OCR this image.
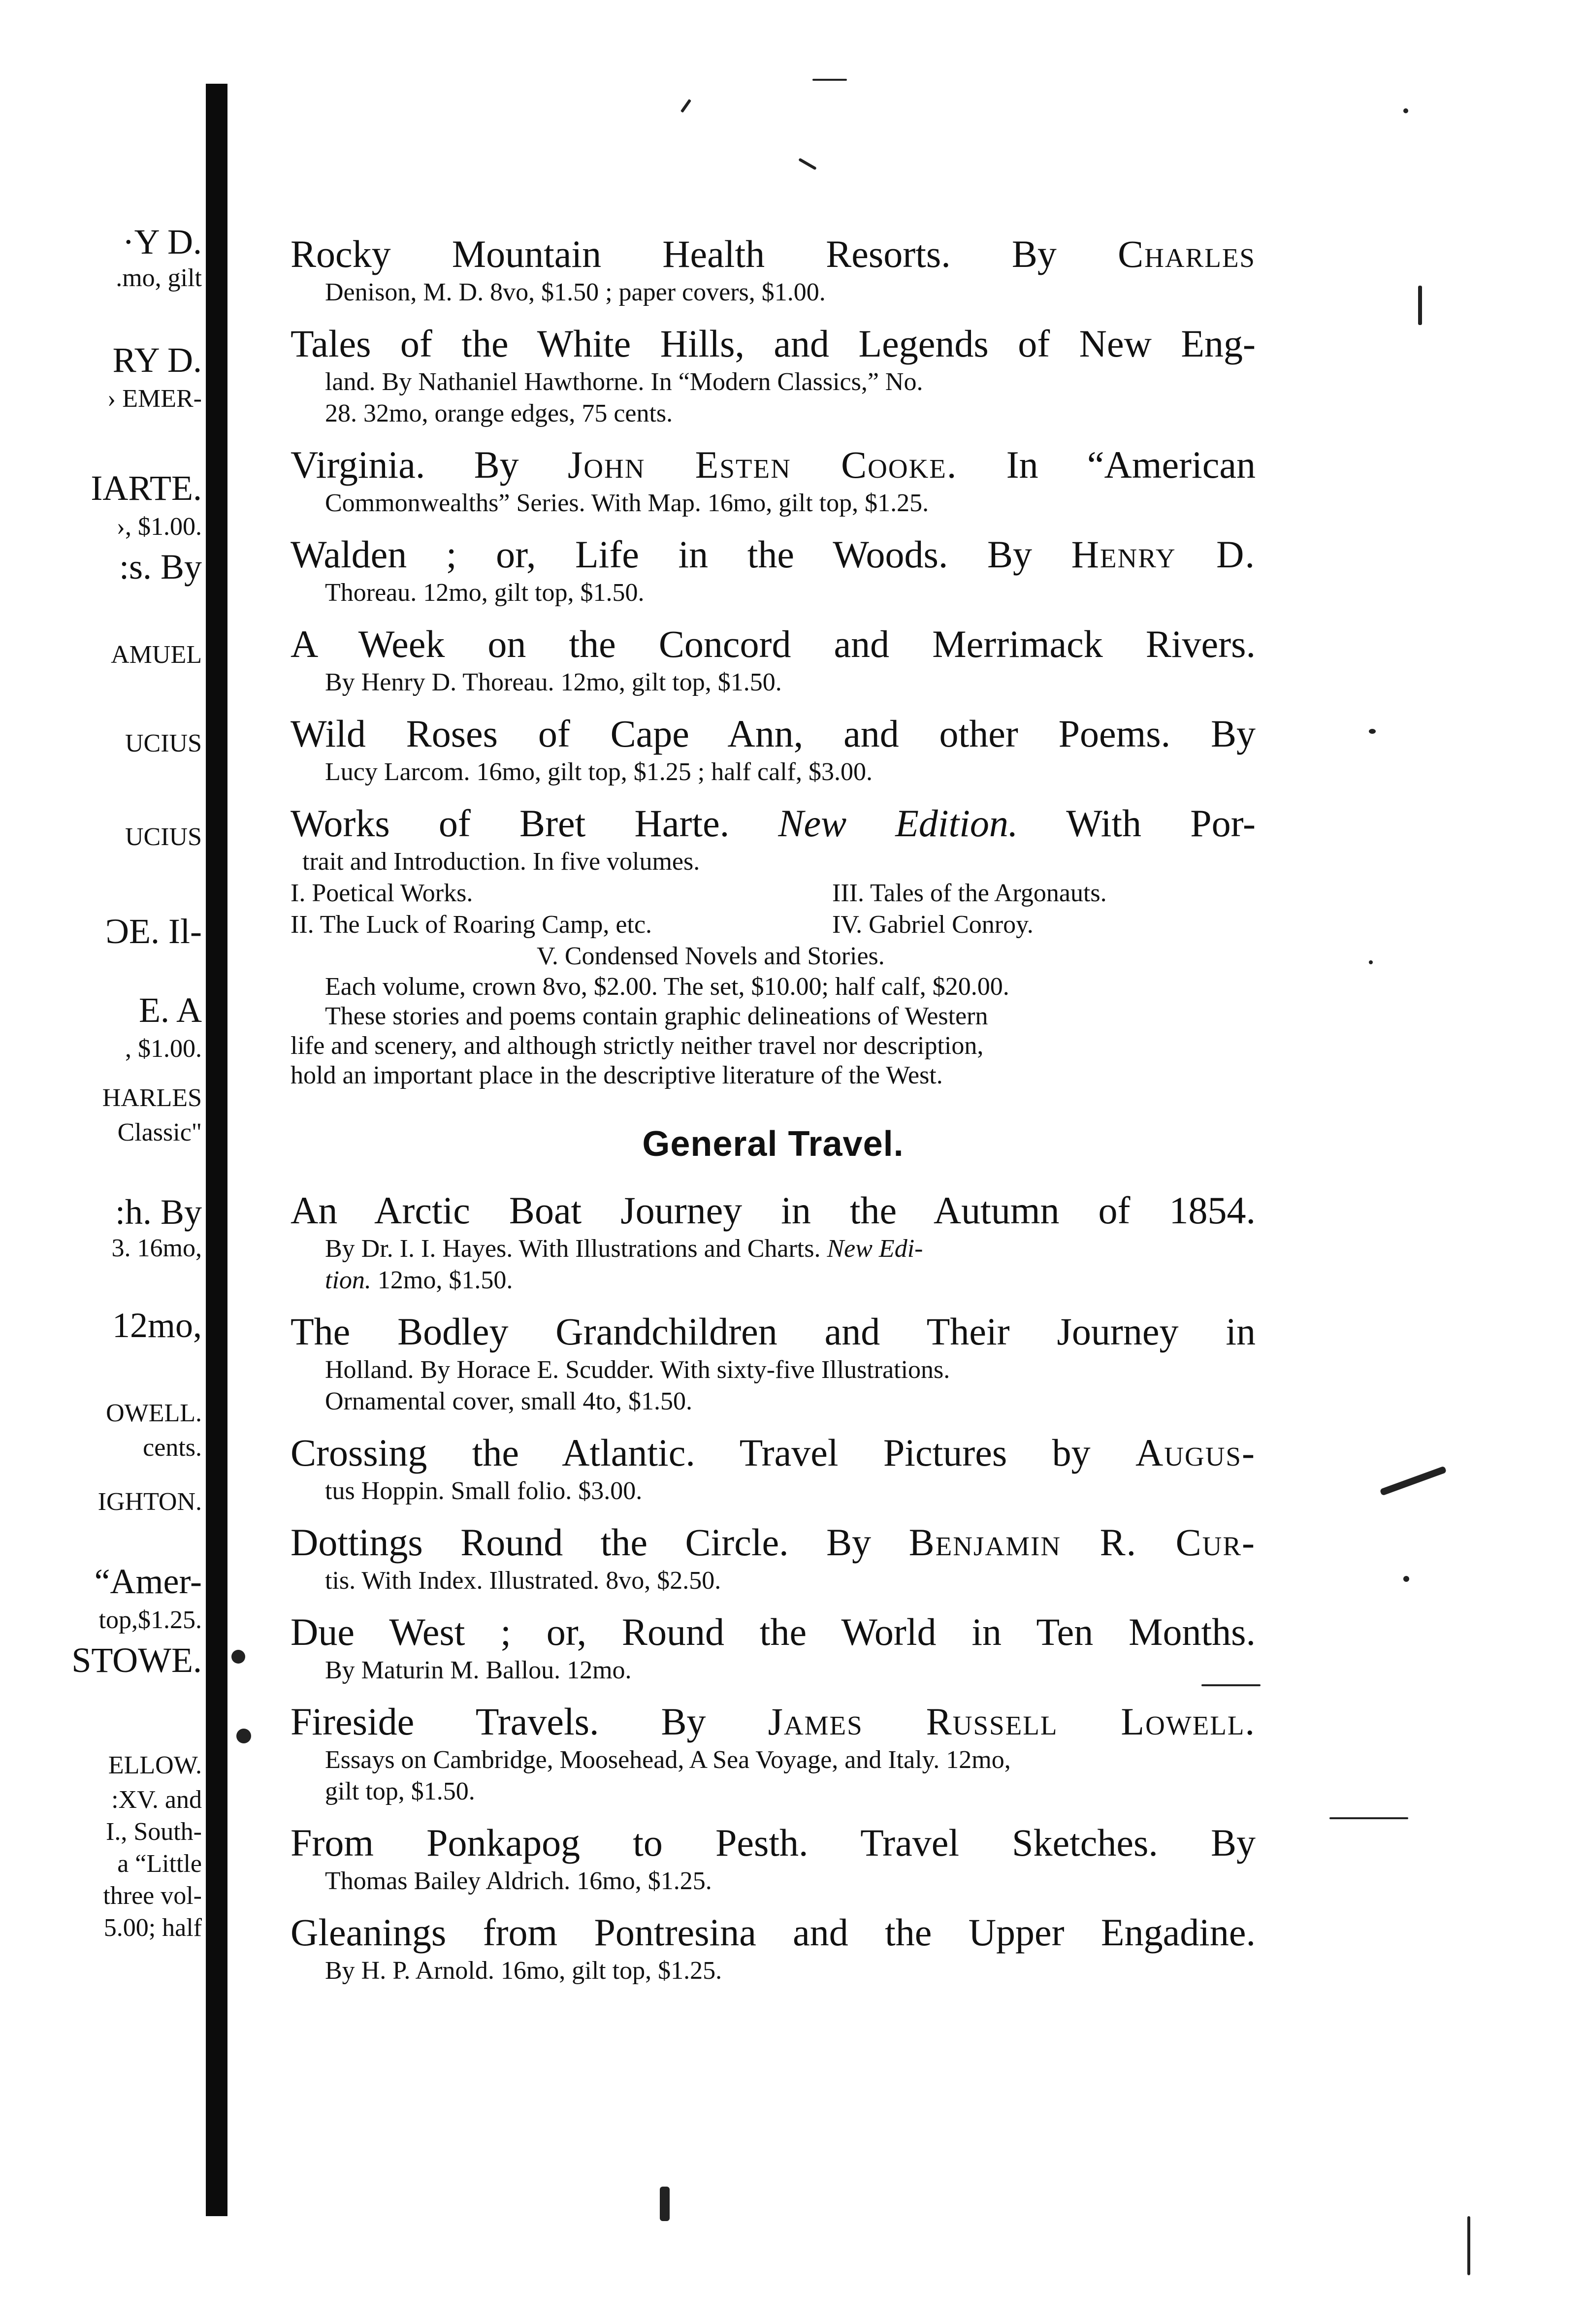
·Y D.
.mo, gilt
RY D.
› EMER-
IARTE.
›, $1.00.
:s. By
AMUEL
UCIUS
UCIUS
ƆE. Il-
E. A
, $1.00.
HARLES
Classic"
:h. By
3. 16mo,
12mo,
OWELL.
cents.
IGHTON.
“Amer-
top,$1.25.
STOWE.
ELLOW.
:XV. and
I., South-
a “Little
three vol-
5.00; half
Rocky Mountain Health Resorts. By Charles
Denison, M. D. 8vo, $1.50 ; paper covers, $1.00.
Tales of the White Hills, and Legends of New Eng-
land. By Nathaniel Hawthorne. In “Modern Classics,” No.
28. 32mo, orange edges, 75 cents.
Virginia. By John Esten Cooke. In “American
Commonwealths” Series. With Map. 16mo, gilt top, $1.25.
Walden ; or, Life in the Woods. By Henry D.
Thoreau. 12mo, gilt top, $1.50.
A Week on the Concord and Merrimack Rivers.
By Henry D. Thoreau. 12mo, gilt top, $1.50.
Wild Roses of Cape Ann, and other Poems. By
Lucy Larcom. 16mo, gilt top, $1.25 ; half calf, $3.00.
Works of Bret Harte. New Edition. With Por-
trait and Introduction. In five volumes.
I. Poetical Works.	III. Tales of the Argonauts.
II. The Luck of Roaring Camp, etc.	IV. Gabriel Conroy.
V. Condensed Novels and Stories.
Each volume, crown 8vo, $2.00. The set, $10.00; half calf, $20.00.
These stories and poems contain graphic delineations of Western
life and scenery, and although strictly neither travel nor description,
hold an important place in the descriptive literature of the West.
General Travel.
An Arctic Boat Journey in the Autumn of 1854.
By Dr. I. I. Hayes. With Illustrations and Charts. New Edi-
tion. 12mo, $1.50.
The Bodley Grandchildren and Their Journey in
Holland. By Horace E. Scudder. With sixty-five Illustrations.
Ornamental cover, small 4to, $1.50.
Crossing the Atlantic. Travel Pictures by Augus-
tus Hoppin. Small folio. $3.00.
Dottings Round the Circle. By Benjamin R. Cur-
tis. With Index. Illustrated. 8vo, $2.50.
Due West ; or, Round the World in Ten Months.
By Maturin M. Ballou. 12mo.
Fireside Travels. By James Russell Lowell.
Essays on Cambridge, Moosehead, A Sea Voyage, and Italy. 12mo,
gilt top, $1.50.
From Ponkapog to Pesth. Travel Sketches. By
Thomas Bailey Aldrich. 16mo, $1.25.
Gleanings from Pontresina and the Upper Engadine.
By H. P. Arnold. 16mo, gilt top, $1.25.
